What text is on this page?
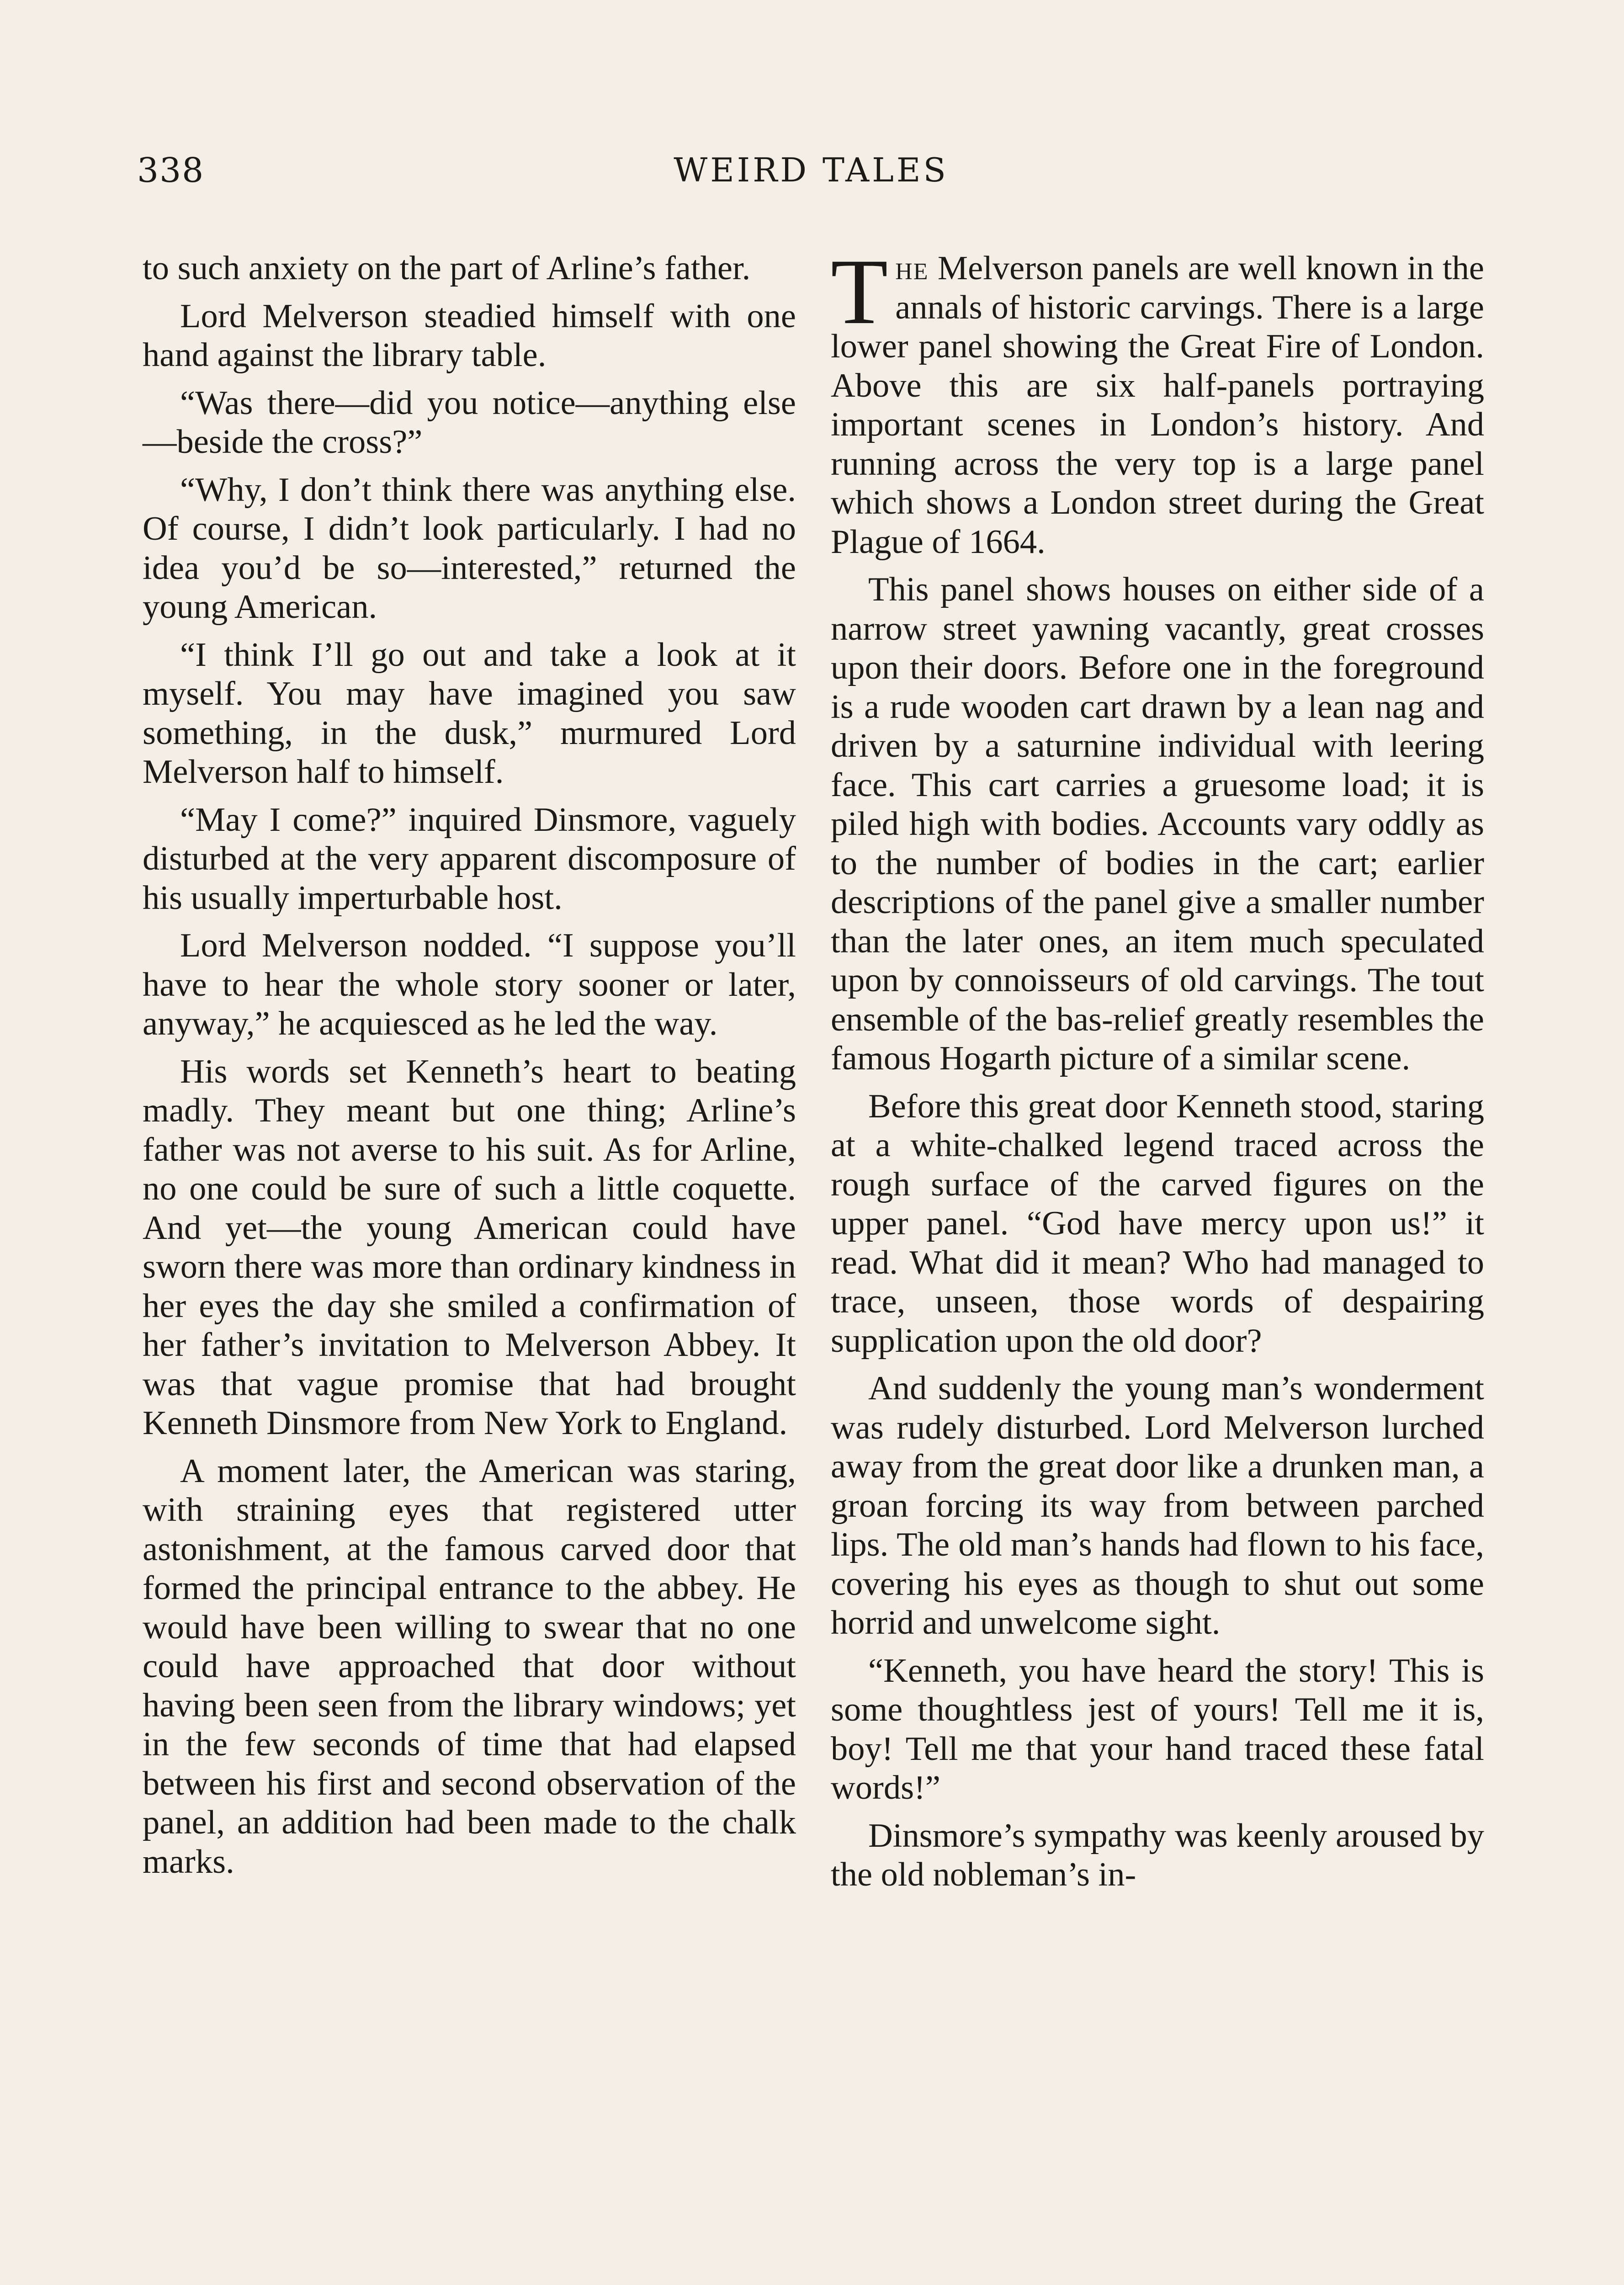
338	WEIRD TALES

to such anxiety on the part of Arline’s father.

Lord Melverson steadied himself with one hand against the library table.

“Was there—did you notice—anything else—beside the cross?”

“Why, I don’t think there was anything else. Of course, I didn’t look particularly. I had no idea you’d be so—interested,” returned the young American.

“I think I’ll go out and take a look at it myself. You may have imagined you saw something, in the dusk,” murmured Lord Melverson half to himself.

“May I come?” inquired Dinsmore, vaguely disturbed at the very apparent discomposure of his usually imperturbable host.

Lord Melverson nodded. “I suppose you’ll have to hear the whole story sooner or later, anyway,” he acquiesced as he led the way.

His words set Kenneth’s heart to beating madly. They meant but one thing; Arline’s father was not averse to his suit. As for Arline, no one could be sure of such a little coquette. And yet—the young American could have sworn there was more than ordinary kindness in her eyes the day she smiled a confirmation of her father’s invitation to Melverson Abbey. It was that vague promise that had brought Kenneth Dinsmore from New York to England.

A moment later, the American was staring, with straining eyes that registered utter astonishment, at the famous carved door that formed the principal entrance to the abbey. He would have been willing to swear that no one could have approached that door without having been seen from the library windows; yet in the few seconds of time that had elapsed between his first and second observation of the panel, an addition had been made to the chalk marks.

The Melverson panels are well known in the annals of historic carvings. There is a large lower panel showing the Great Fire of London. Above this are six half-panels portraying important scenes in London’s history. And running across the very top is a large panel which shows a London street during the Great Plague of 1664.

This panel shows houses on either side of a narrow street yawning vacantly, great crosses upon their doors. Before one in the foreground is a rude wooden cart drawn by a lean nag and driven by a saturnine individual with leering face. This cart carries a gruesome load; it is piled high with bodies. Accounts vary oddly as to the number of bodies in the cart; earlier descriptions of the panel give a smaller number than the later ones, an item much speculated upon by connoisseurs of old carvings. The tout ensemble of the bas-relief greatly resembles the famous Hogarth picture of a similar scene.

Before this great door Kenneth stood, staring at a white-chalked legend traced across the rough surface of the carved figures on the upper panel. “God have mercy upon us!” it read. What did it mean? Who had managed to trace, unseen, those words of despairing supplication upon the old door?

And suddenly the young man’s wonderment was rudely disturbed. Lord Melverson lurched away from the great door like a drunken man, a groan forcing its way from between parched lips. The old man’s hands had flown to his face, covering his eyes as though to shut out some horrid and unwelcome sight.

“Kenneth, you have heard the story! This is some thoughtless jest of yours! Tell me it is, boy! Tell me that your hand traced these fatal words!”

Dinsmore’s sympathy was keenly aroused by the old nobleman’s in-
